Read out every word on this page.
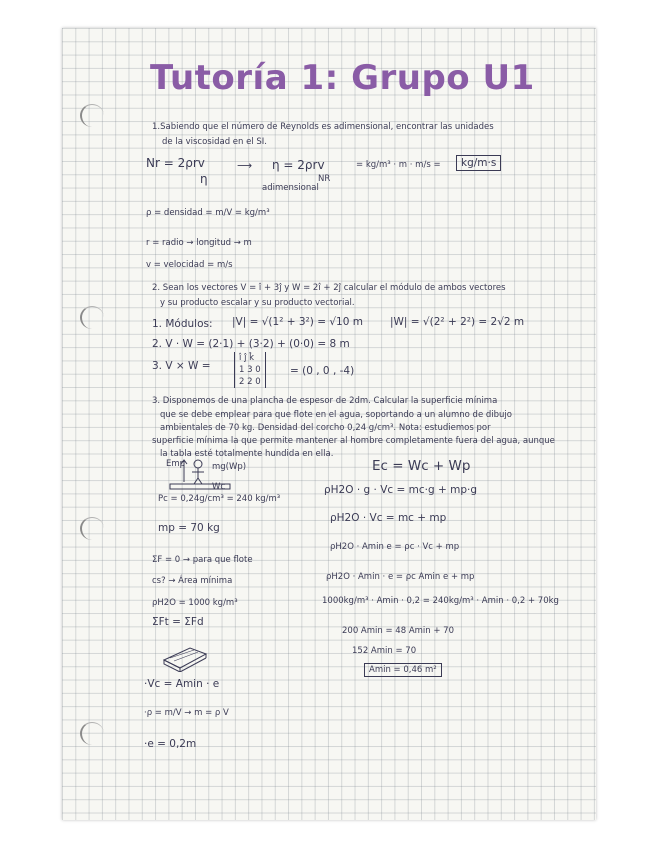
Tutoría 1: Grupo U1
1.Sabiendo que el número de Reynolds es adimensional, encontrar las unidades
de la viscosidad en el SI.
Nr = 2ρrv
η
⟶ η = 2ρrv
NR
= kg/m³ · m · m/s =	kg/m·s
adimensional
ρ = densidad = m/V = kg/m³
r = radio → longitud → m
v = velocidad = m/s
2. Sean los vectores V = î + 3ĵ y W = 2î + 2ĵ calcular el módulo de ambos vectores
y su producto escalar y su producto vectorial.
1. Módulos: |V| = √(1² + 3²) = √10 m	|W| = √(2² + 2²) = 2√2 m
2. V · W = (2·1) + (3·2) + (0·0) = 8 m
3. V × W =
î ĵ k̂
1 3 0
2 2 0
= (0 , 0 , -4)
3. Disponemos de una plancha de espesor de 2dm. Calcular la superficie mínima
que se debe emplear para que flote en el agua, soportando a un alumno de dibujo
ambientales de 70 kg. Densidad del corcho 0,24 g/cm³. Nota: estudiemos por
superficie mínima la que permite mantener al hombre completamente fuera del agua, aunque
la tabla esté totalmente hundida en ella.
Emp	mg(Wp)
Wc
Pc = 0,24g/cm³ = 240 kg/m³
mp = 70 kg
ΣF = 0 → para que flote
cs? → Área mínima
ρH2O = 1000 kg/m³
ΣFt = ΣFd
·Vc = Amin · e
·ρ = m/V → m = ρ V
·e = 0,2m
Ec = Wc + Wp
ρH2O · g · Vc = mc·g + mp·g
ρH2O · Vc = mc + mp
ρH2O · Amin e = ρc · Vc + mp
ρH2O · Amin · e = ρc Amin e + mp
1000kg/m³ · Amin · 0,2 = 240kg/m³ · Amin · 0,2 + 70kg
200 Amin = 48 Amin + 70
152 Amin = 70
Amin = 0,46 m²
